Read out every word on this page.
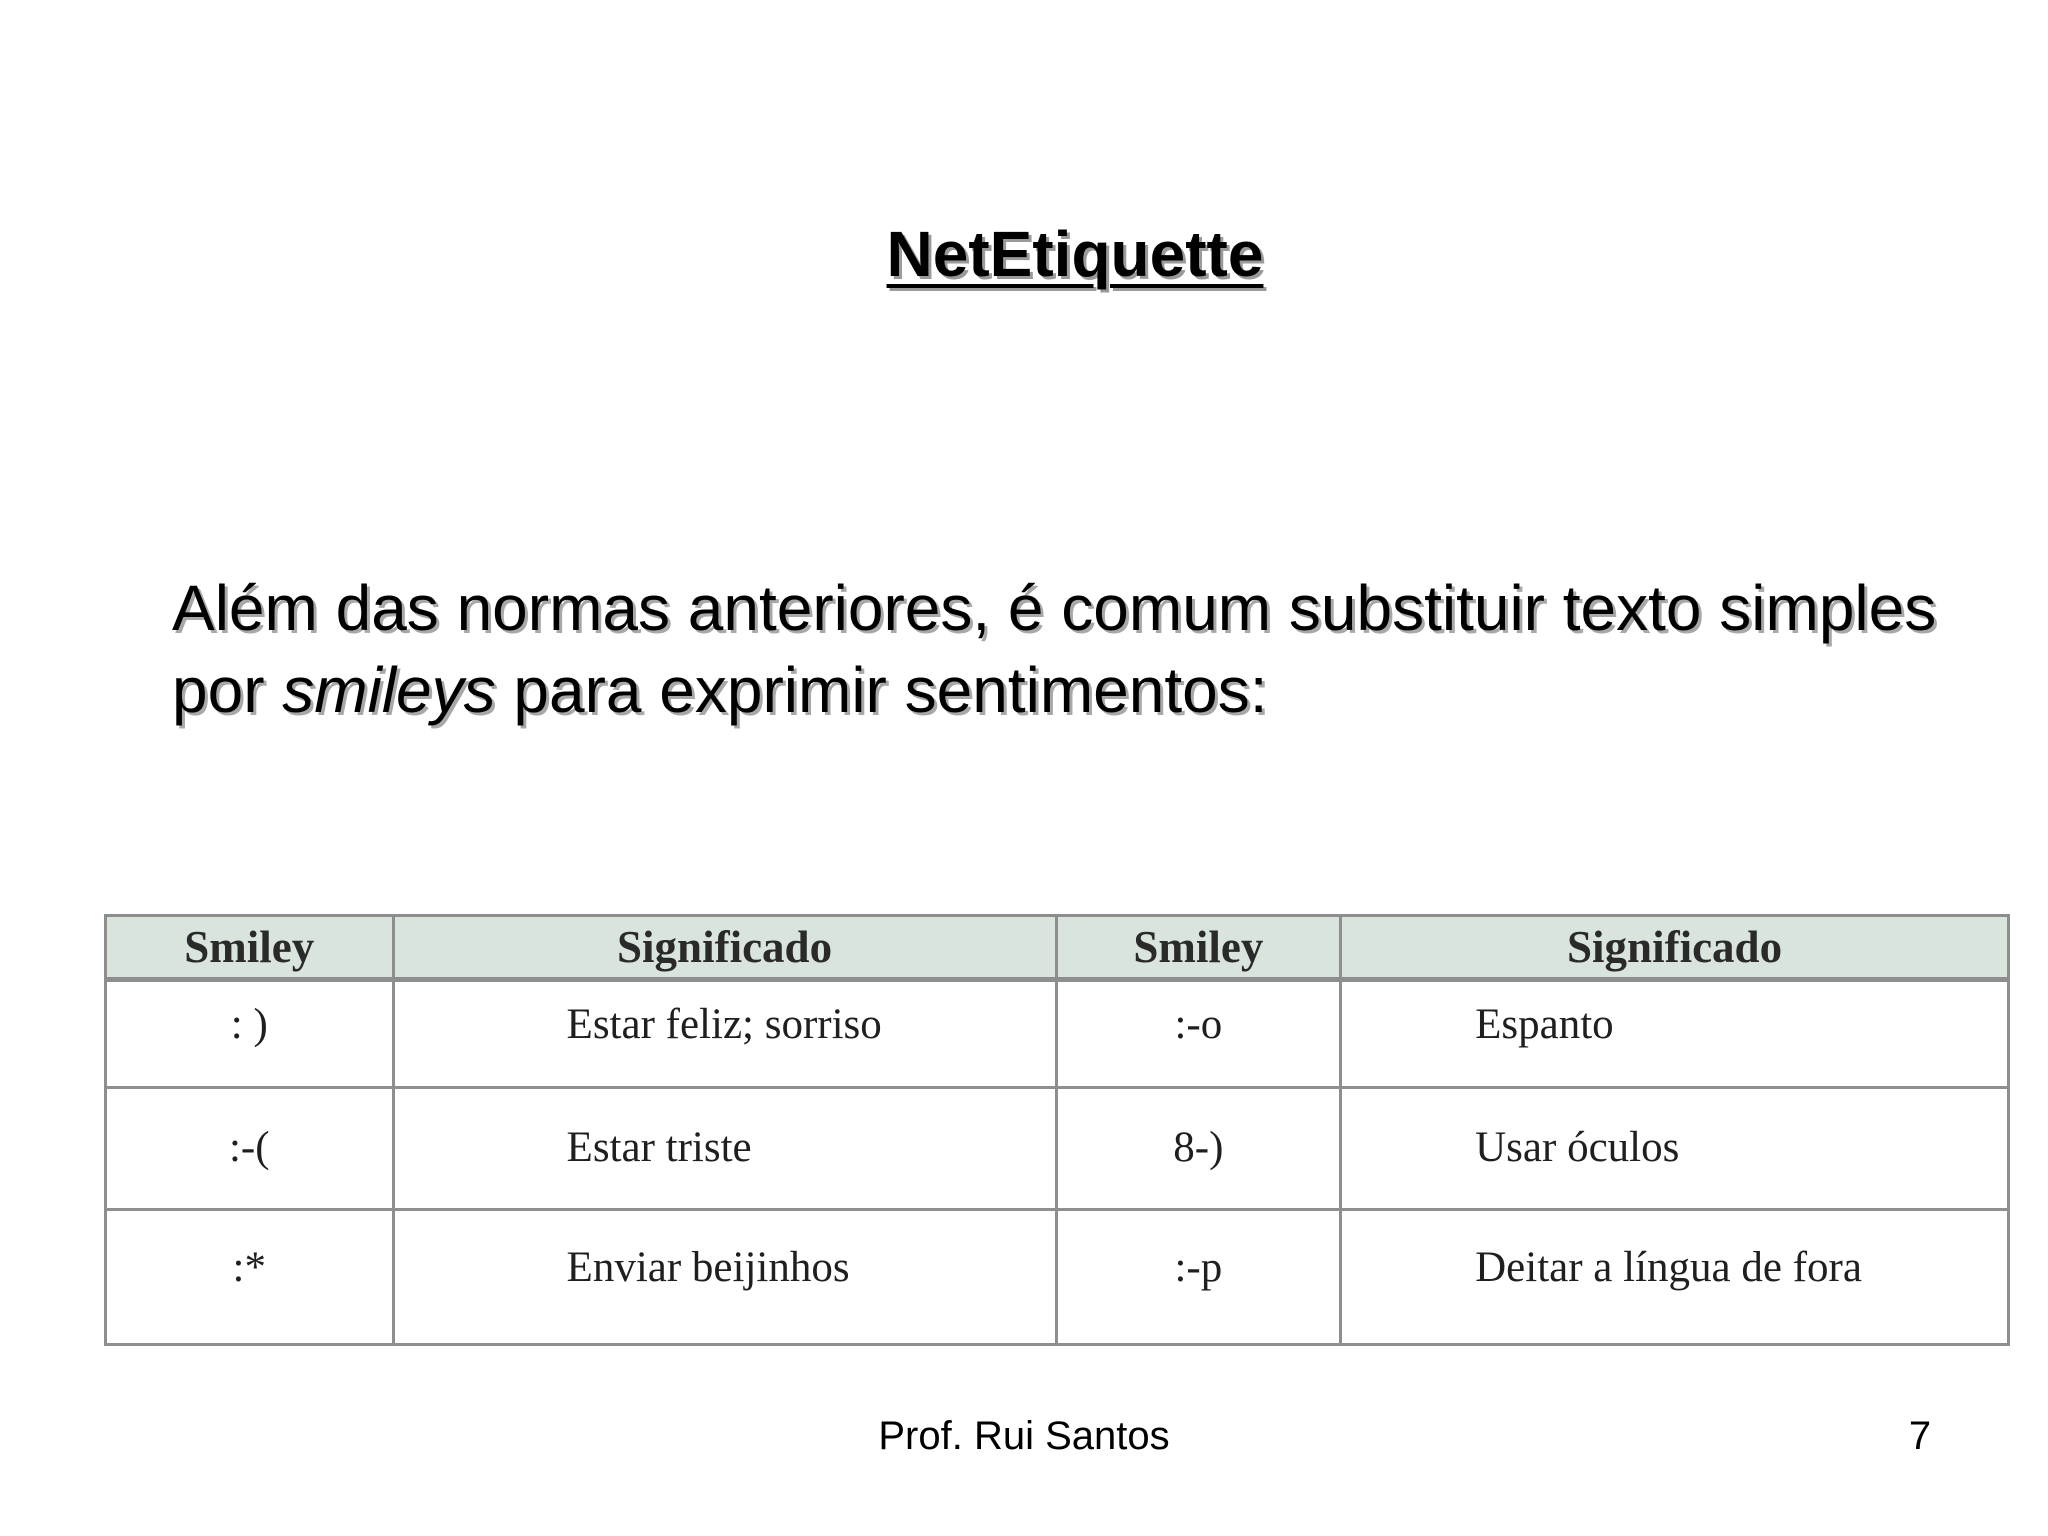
NetEtiquette
Além das normas anteriores, é comum substituir texto simples por smileys para exprimir sentimentos:
Smiley	Significado	Smiley	Significado
: )	Estar feliz; sorriso	:-o	Espanto
:-(	Estar triste	8-)	Usar óculos
:*	Enviar beijinhos	:-p	Deitar a língua de fora
Prof. Rui Santos	7
